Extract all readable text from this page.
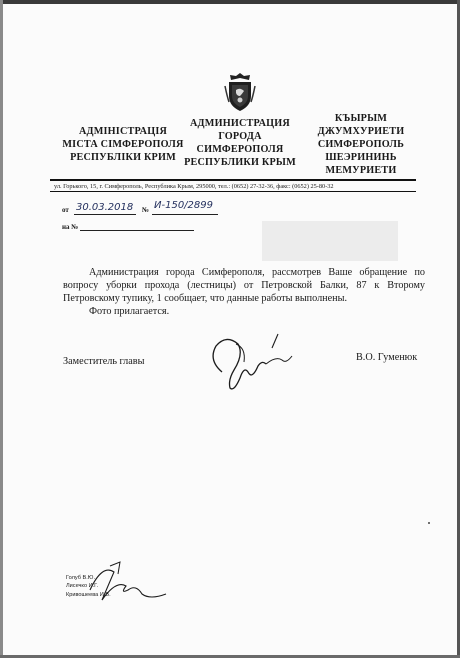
АДМІНІСТРАЦІЯ
МІСТА СІМФЕРОПОЛЯ
РЕСПУБЛІКИ КРИМ
АДМИНИСТРАЦИЯ
ГОРОДА
СИМФЕРОПОЛЯ
РЕСПУБЛИКИ КРЫМ
КЪЫРЫМ
ДЖУМХУРИЕТИ
СИМФЕРОПОЛЬ
ШЕЭРИНИНЬ
МЕМУРИЕТИ
ул. Горького, 15, г. Симферополь, Республика Крым, 295000, тел.: (0652) 27-32-36, факс: (0652) 25-80-32
от 30.03.2018 № И-150/2899
на №
Администрация города Симферополя, рассмотрев Ваше обращение по вопросу уборки прохода (лестницы) от Петровской Балки, 87 к Второму Петровскому тупику, 1 сообщает, что данные работы выполнены.
Фото прилагается.
Заместитель главы	В.О. Гуменюк
Голуб В.Ю.
Лисечко И.Г.
Кривошеева И.В.
